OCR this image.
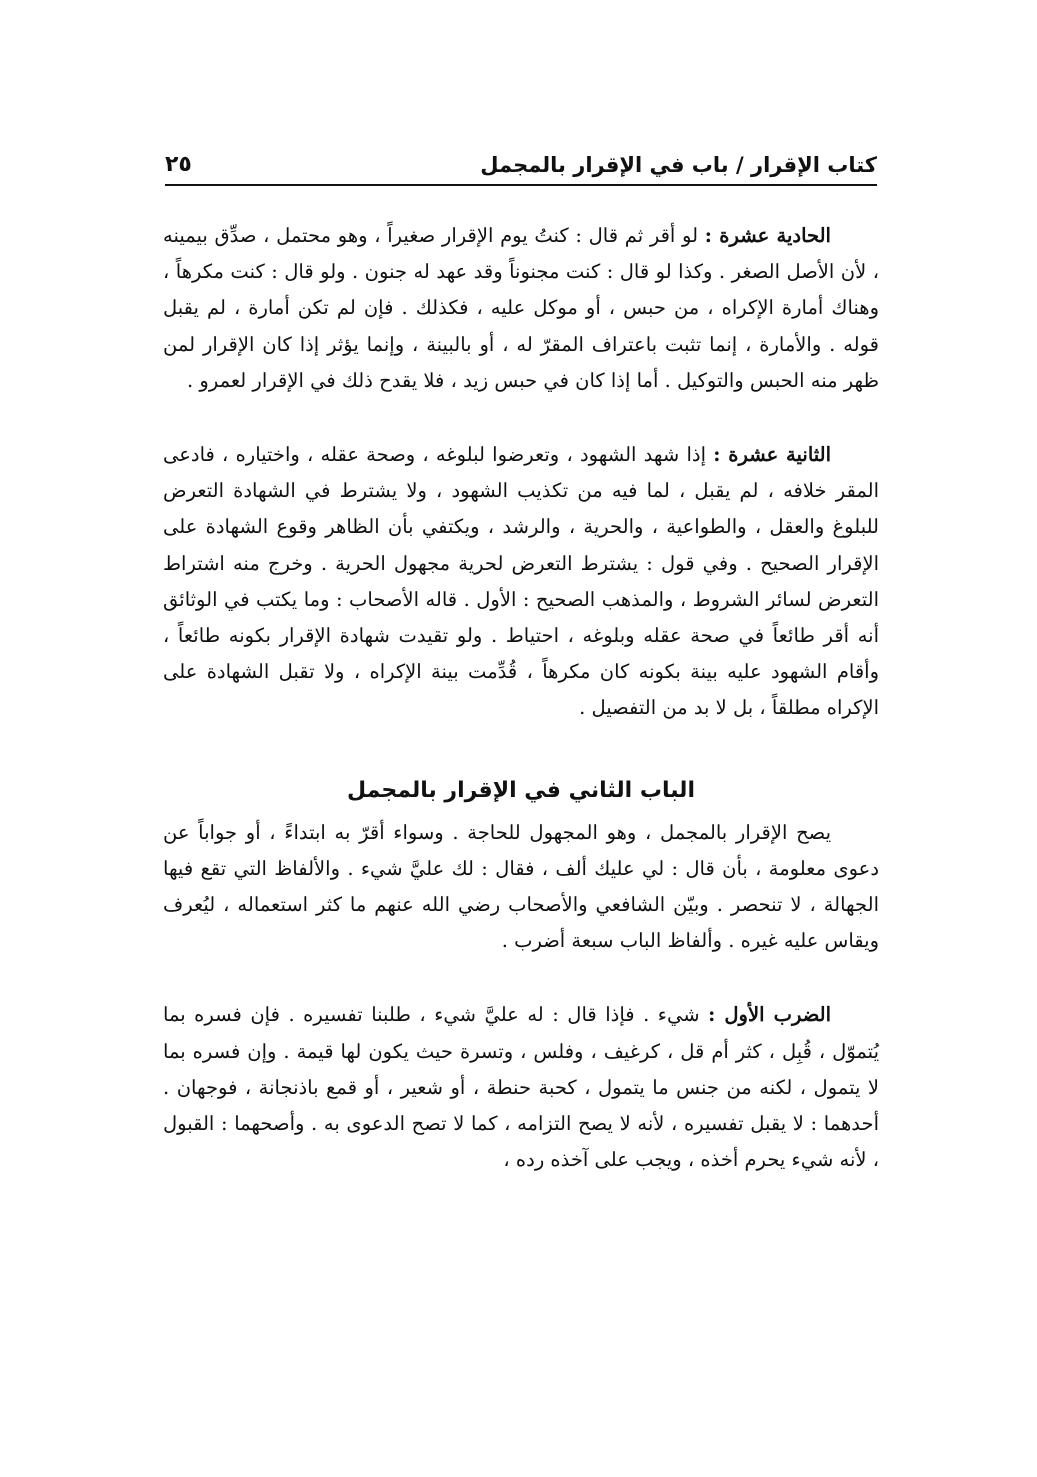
كتاب الإقرار / باب في الإقرار بالمجمل
٢٥

الحادية عشرة : لو أقر ثم قال : كنتُ يوم الإقرار صغيراً ، وهو محتمل ، صدِّق بيمينه ، لأن الأصل الصغر . وكذا لو قال : كنت مجنوناً وقد عهد له جنون . ولو قال : كنت مكرهاً ، وهناك أمارة الإكراه ، من حبس ، أو موكل عليه ، فكذلك . فإن لم تكن أمارة ، لم يقبل قوله . والأمارة ، إنما تثبت باعتراف المقرّ له ، أو بالبينة ، وإنما يؤثر إذا كان الإقرار لمن ظهر منه الحبس والتوكيل . أما إذا كان في حبس زيد ، فلا يقدح ذلك في الإقرار لعمرو .

الثانية عشرة : إذا شهد الشهود ، وتعرضوا لبلوغه ، وصحة عقله ، واختياره ، فادعى المقر خلافه ، لم يقبل ، لما فيه من تكذيب الشهود ، ولا يشترط في الشهادة التعرض للبلوغ والعقل ، والطواعية ، والحرية ، والرشد ، ويكتفي بأن الظاهر وقوع الشهادة على الإقرار الصحيح . وفي قول : يشترط التعرض لحرية مجهول الحرية . وخرج منه اشتراط التعرض لسائر الشروط ، والمذهب الصحيح : الأول . قاله الأصحاب : وما يكتب في الوثائق أنه أقر طائعاً في صحة عقله وبلوغه ، احتياط . ولو تقيدت شهادة الإقرار بكونه طائعاً ، وأقام الشهود عليه بينة بكونه كان مكرهاً ، قُدِّمت بينة الإكراه ، ولا تقبل الشهادة على الإكراه مطلقاً ، بل لا بد من التفصيل .

الباب الثاني في الإقرار بالمجمل

يصح الإقرار بالمجمل ، وهو المجهول للحاجة . وسواء أقرّ به ابتداءً ، أو جواباً عن دعوى معلومة ، بأن قال : لي عليك ألف ، فقال : لك عليَّ شيء . والألفاظ التي تقع فيها الجهالة ، لا تنحصر . وبيّن الشافعي والأصحاب رضي الله عنهم ما كثر استعماله ، ليُعرف ويقاس عليه غيره . وألفاظ الباب سبعة أضرب .

الضرب الأول : شيء . فإذا قال : له عليَّ شيء ، طلبنا تفسيره . فإن فسره بما يُتموّل ، قُبِل ، كثر أم قل ، كرغيف ، وفلس ، وتسرة حيث يكون لها قيمة . وإن فسره بما لا يتمول ، لكنه من جنس ما يتمول ، كحبة حنطة ، أو شعير ، أو قمع باذنجانة ، فوجهان . أحدهما : لا يقبل تفسيره ، لأنه لا يصح التزامه ، كما لا تصح الدعوى به . وأصحهما : القبول ، لأنه شيء يحرم أخذه ، ويجب على آخذه رده ،
